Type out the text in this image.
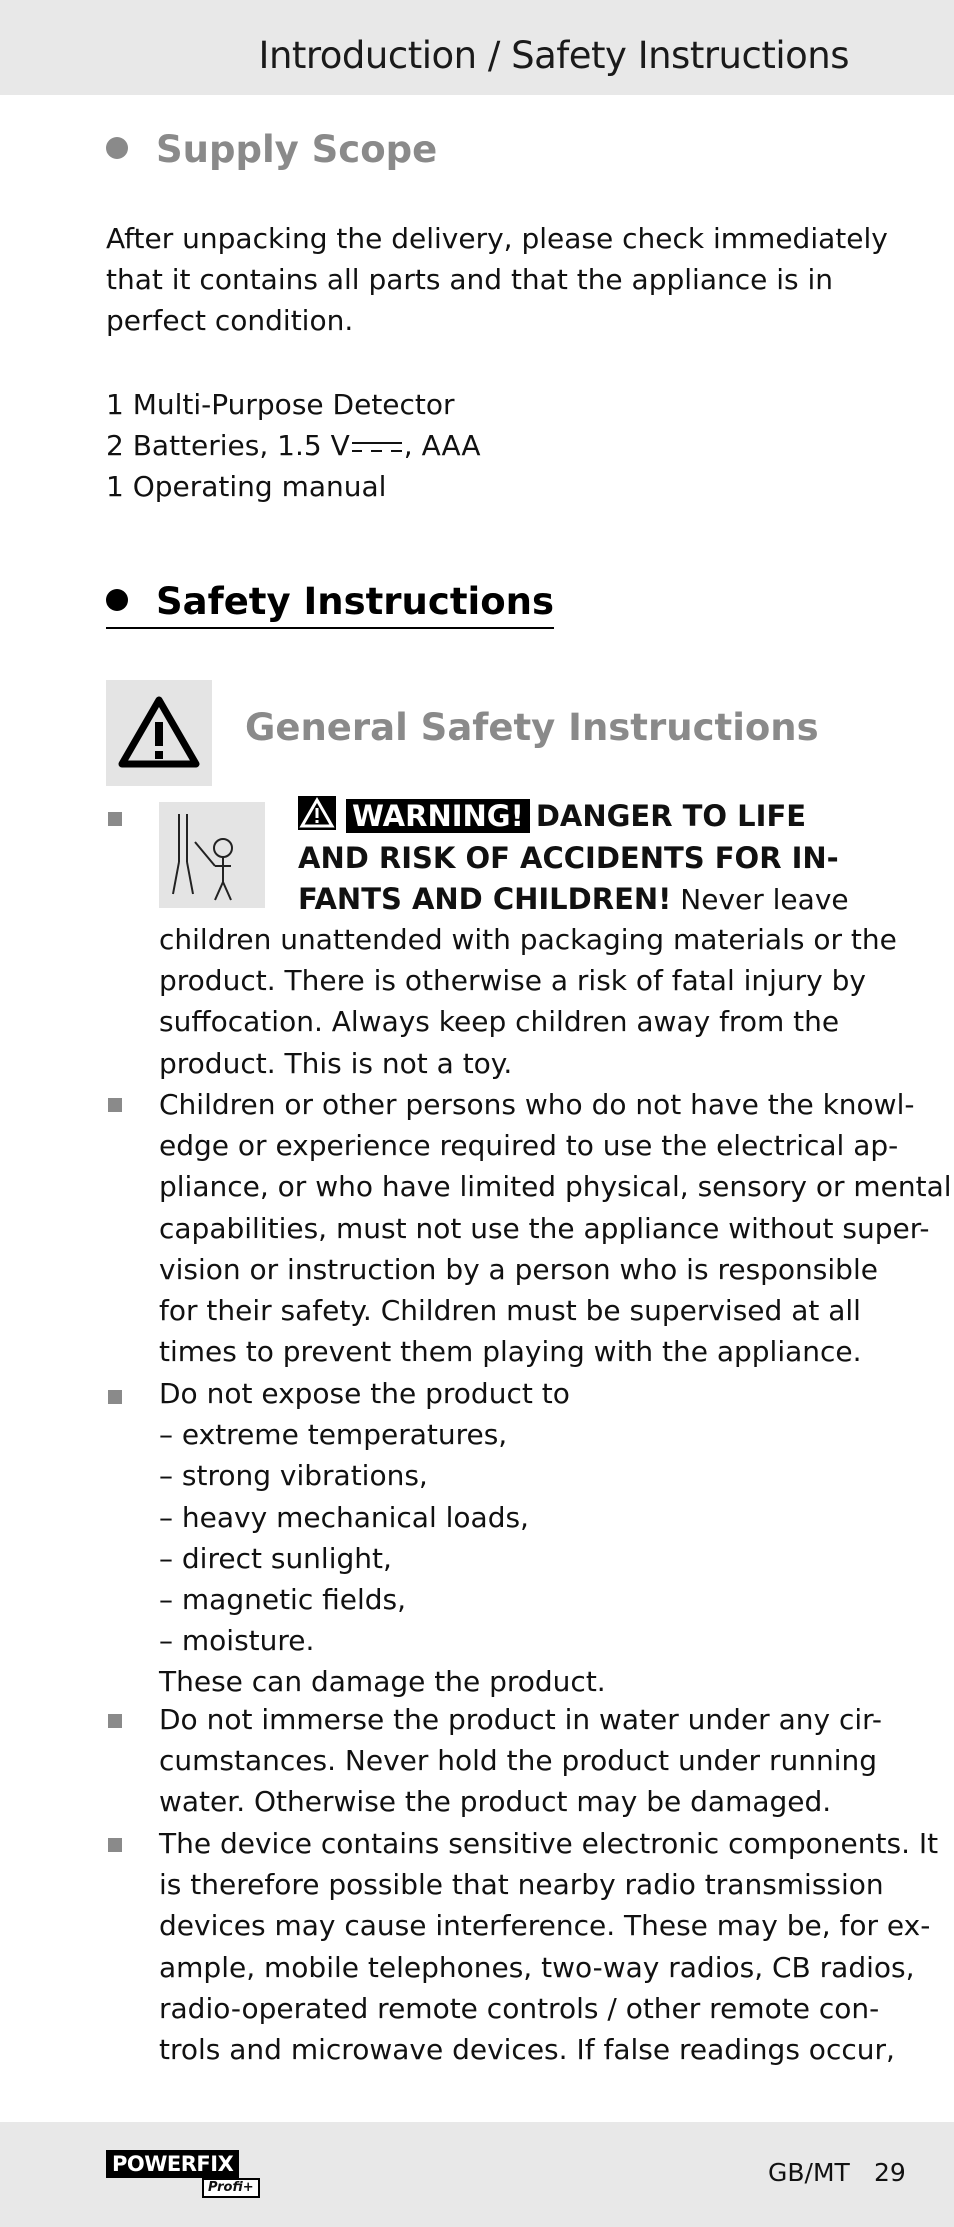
Introduction / Safety Instructions
Supply Scope
After unpacking the delivery, please check immediately
that it contains all parts and that the appliance is in
perfect condition.
1 Multi-Purpose Detector
2 Batteries, 1.5 V , AAA
1 Operating manual
Safety Instructions
General Safety Instructions
WARNING! DANGER TO LIFE
AND RISK OF ACCIDENTS FOR IN-
FANTS AND CHILDREN! Never leave
children unattended with packaging materials or the
product. There is otherwise a risk of fatal injury by
suffocation. Always keep children away from the
product. This is not a toy.
Children or other persons who do not have the knowl-
edge or experience required to use the electrical ap-
pliance, or who have limited physical, sensory or mental
capabilities, must not use the appliance without super-
vision or instruction by a person who is responsible
for their safety. Children must be supervised at all
times to prevent them playing with the appliance.
Do not expose the product to
– extreme temperatures,
– strong vibrations,
– heavy mechanical loads,
– direct sunlight,
– magnetic fields,
– moisture.
These can damage the product.
Do not immerse the product in water under any cir-
cumstances. Never hold the product under running
water. Otherwise the product may be damaged.
The device contains sensitive electronic components. It
is therefore possible that nearby radio transmission
devices may cause interference. These may be, for ex-
ample, mobile telephones, two-way radios, CB radios,
radio-operated remote controls / other remote con-
trols and microwave devices. If false readings occur,
POWERFIX
Profi+
GB/MT 29
